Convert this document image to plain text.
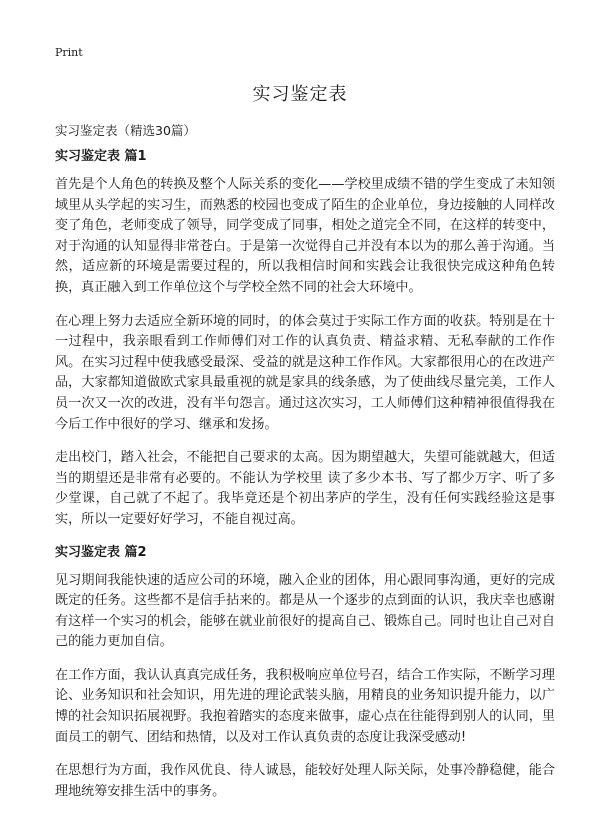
Print
实习鉴定表

实习鉴定表（精选30篇）

实习鉴定表 篇1

首先是个人角色的转换及整个人际关系的变化——学校里成绩不错的学生变成了未知领域里从头学起的实习生，而熟悉的校园也变成了陌生的企业单位，身边接触的人同样改变了角色，老师变成了领导，同学变成了同事，相处之道完全不同，在这样的转变中，对于沟通的认知显得非常苍白。于是第一次觉得自己并没有本以为的那么善于沟通。当然，适应新的环境是需要过程的，所以我相信时间和实践会让我很快完成这种角色转换，真正融入到工作单位这个与学校全然不同的社会大环境中。

在心理上努力去适应全新环境的同时，的体会莫过于实际工作方面的收获。特别是在十一过程中，我亲眼看到工作师傅们对工作的认真负责、精益求精、无私奉献的工作作风。在实习过程中使我感受最深、受益的就是这种工作作风。大家都很用心的在改进产品，大家都知道做欧式家具最重视的就是家具的线条感，为了使曲线尽量完美，工作人员一次又一次的改进，没有半句怨言。通过这次实习，工人师傅们这种精神很值得我在今后工作中很好的学习、继承和发扬。

走出校门，踏入社会，不能把自己要求的太高。因为期望越大，失望可能就越大，但适当的期望还是非常有必要的。不能认为学校里 读了多少本书、写了都少万字、听了多少堂课，自己就了不起了。我毕竟还是个初出茅庐的学生，没有任何实践经验这是事实，所以一定要好好学习，不能自视过高。

实习鉴定表 篇2

见习期间我能快速的适应公司的环境，融入企业的团体，用心跟同事沟通，更好的完成既定的任务。这些都不是信手拈来的。都是从一个逐步的点到面的认识，我庆幸也感谢有这样一个实习的机会，能够在就业前很好的提高自己、锻炼自己。同时也让自己对自己的能力更加自信。

在工作方面，我认认真真完成任务，我积极响应单位号召，结合工作实际，不断学习理论、业务知识和社会知识，用先进的理论武装头脑，用精良的业务知识提升能力，以广博的社会知识拓展视野。我抱着踏实的态度来做事，虚心点在往能得到别人的认同，里面员工的朝气、团结和热情，以及对工作认真负责的态度让我深受感动!

在思想行为方面，我作风优良、待人诚恳，能较好处理人际关际，处事冷静稳健，能合理地统筹安排生活中的事务。
